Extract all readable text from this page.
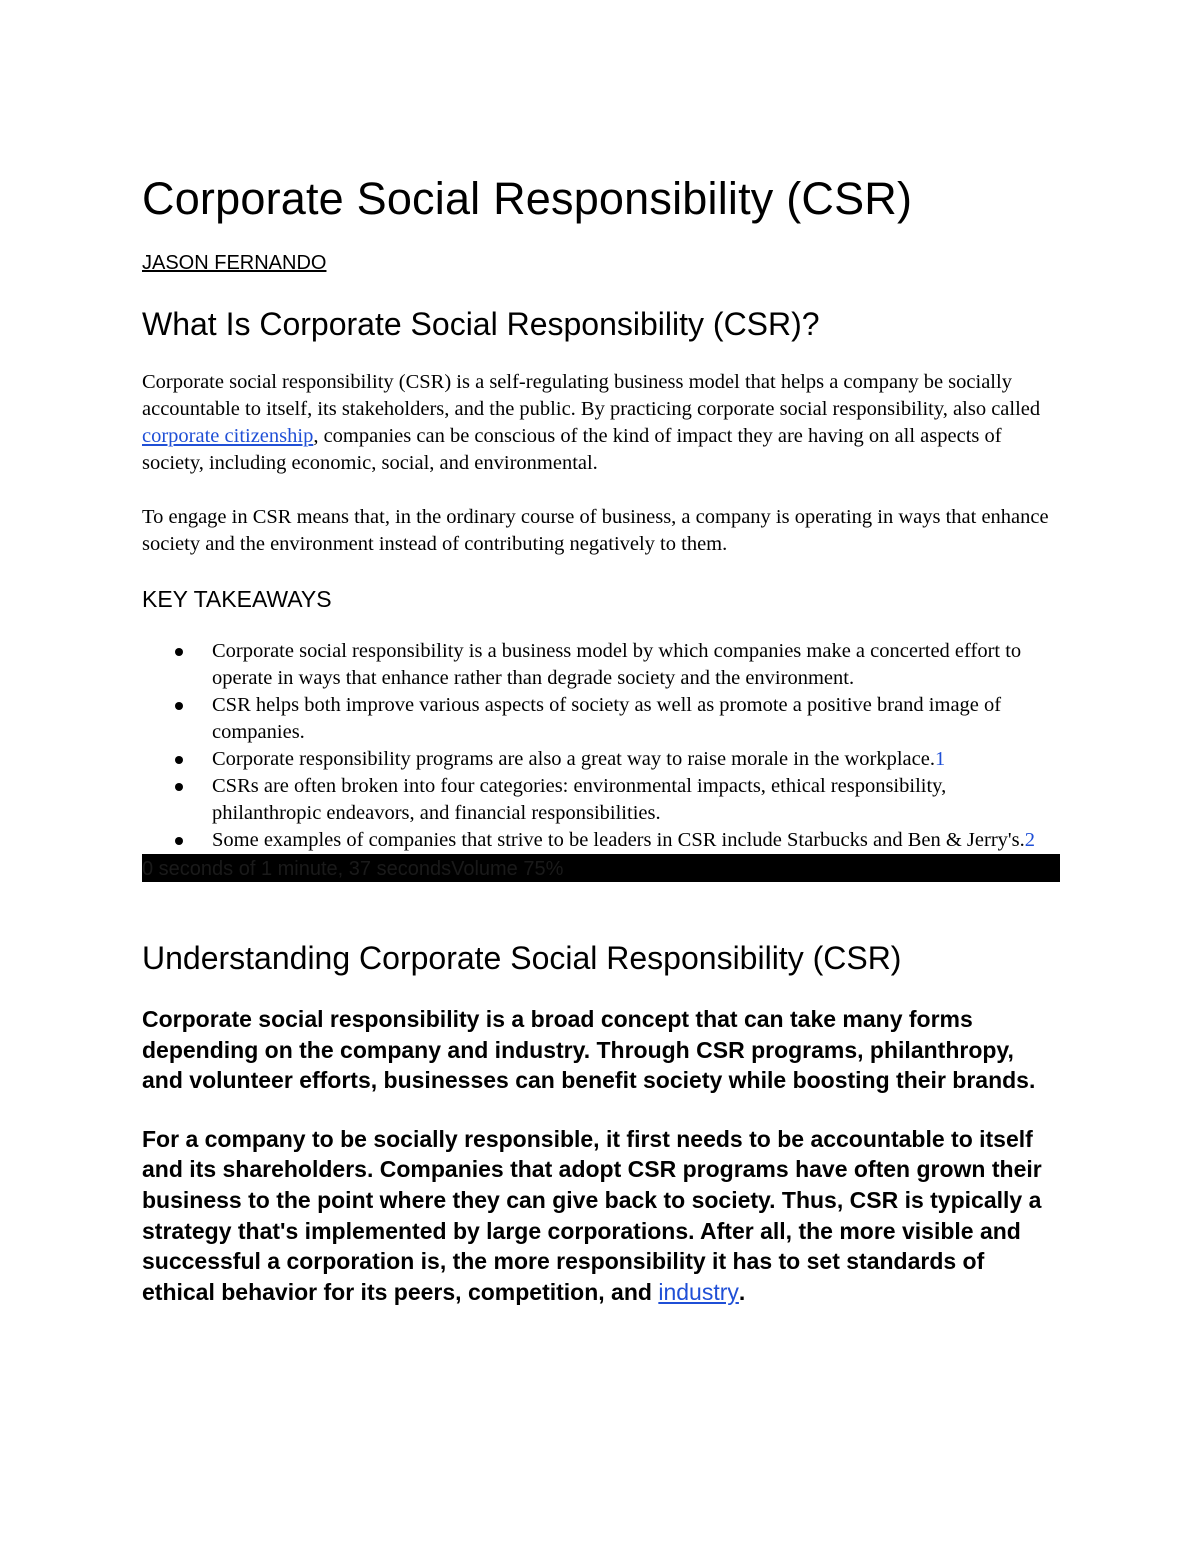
Corporate Social Responsibility (CSR)
JASON FERNANDO
What Is Corporate Social Responsibility (CSR)?

Corporate social responsibility (CSR) is a self-regulating business model that helps a company be socially accountable to itself, its stakeholders, and the public. By practicing corporate social responsibility, also called corporate citizenship, companies can be conscious of the kind of impact they are having on all aspects of society, including economic, social, and environmental.

To engage in CSR means that, in the ordinary course of business, a company is operating in ways that enhance society and the environment instead of contributing negatively to them.

KEY TAKEAWAYS
Corporate social responsibility is a business model by which companies make a concerted effort to operate in ways that enhance rather than degrade society and the environment.
CSR helps both improve various aspects of society as well as promote a positive brand image of companies.
Corporate responsibility programs are also a great way to raise morale in the workplace.1
CSRs are often broken into four categories: environmental impacts, ethical responsibility, philanthropic endeavors, and financial responsibilities.
Some examples of companies that strive to be leaders in CSR include Starbucks and Ben & Jerry's.2
0 seconds of 1 minute, 37 secondsVolume 75%
Understanding Corporate Social Responsibility (CSR)

Corporate social responsibility is a broad concept that can take many forms depending on the company and industry. Through CSR programs, philanthropy, and volunteer efforts, businesses can benefit society while boosting their brands.

For a company to be socially responsible, it first needs to be accountable to itself and its shareholders. Companies that adopt CSR programs have often grown their business to the point where they can give back to society. Thus, CSR is typically a strategy that's implemented by large corporations. After all, the more visible and successful a corporation is, the more responsibility it has to set standards of ethical behavior for its peers, competition, and industry.
